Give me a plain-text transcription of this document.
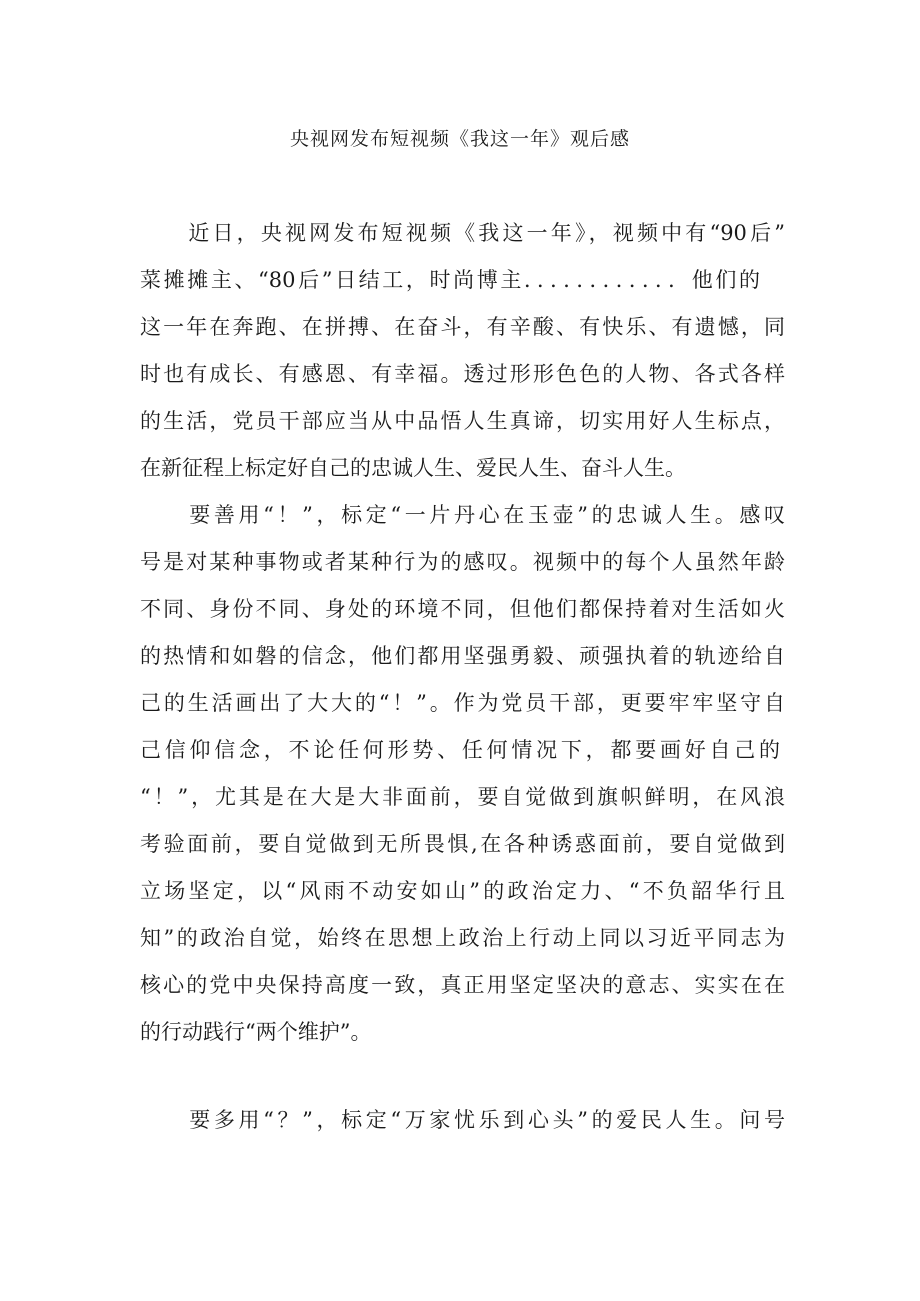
央视网发布短视频《我这一年》观后感
　　近日，央视网发布短视频《我这一年》，视频中有“90后”
菜摊摊主、“80后”日结工，时尚博主．．．．．．．．．．．．他们的
这一年在奔跑、在拼搏、在奋斗，有辛酸、有快乐、有遗憾，同
时也有成长、有感恩、有幸福。透过形形色色的人物、各式各样
的生活，党员干部应当从中品悟人生真谛，切实用好人生标点，
在新征程上标定好自己的忠诚人生、爱民人生、奋斗人生。
　　要善用“！”，标定“一片丹心在玉壶”的忠诚人生。感叹
号是对某种事物或者某种行为的感叹。视频中的每个人虽然年龄
不同、身份不同、身处的环境不同，但他们都保持着对生活如火
的热情和如磐的信念，他们都用坚强勇毅、顽强执着的轨迹给自
己的生活画出了大大的“！”。作为党员干部，更要牢牢坚守自
己信仰信念，不论任何形势、任何情况下，都要画好自己的
“！”，尤其是在大是大非面前，要自觉做到旗帜鲜明，在风浪
考验面前，要自觉做到无所畏惧,在各种诱惑面前，要自觉做到
立场坚定，以“风雨不动安如山”的政治定力、“不负韶华行且
知”的政治自觉，始终在思想上政治上行动上同以习近平同志为
核心的党中央保持高度一致，真正用坚定坚决的意志、实实在在
的行动践行“两个维护”。
　　要多用“？”，标定“万家忧乐到心头”的爱民人生。问号
